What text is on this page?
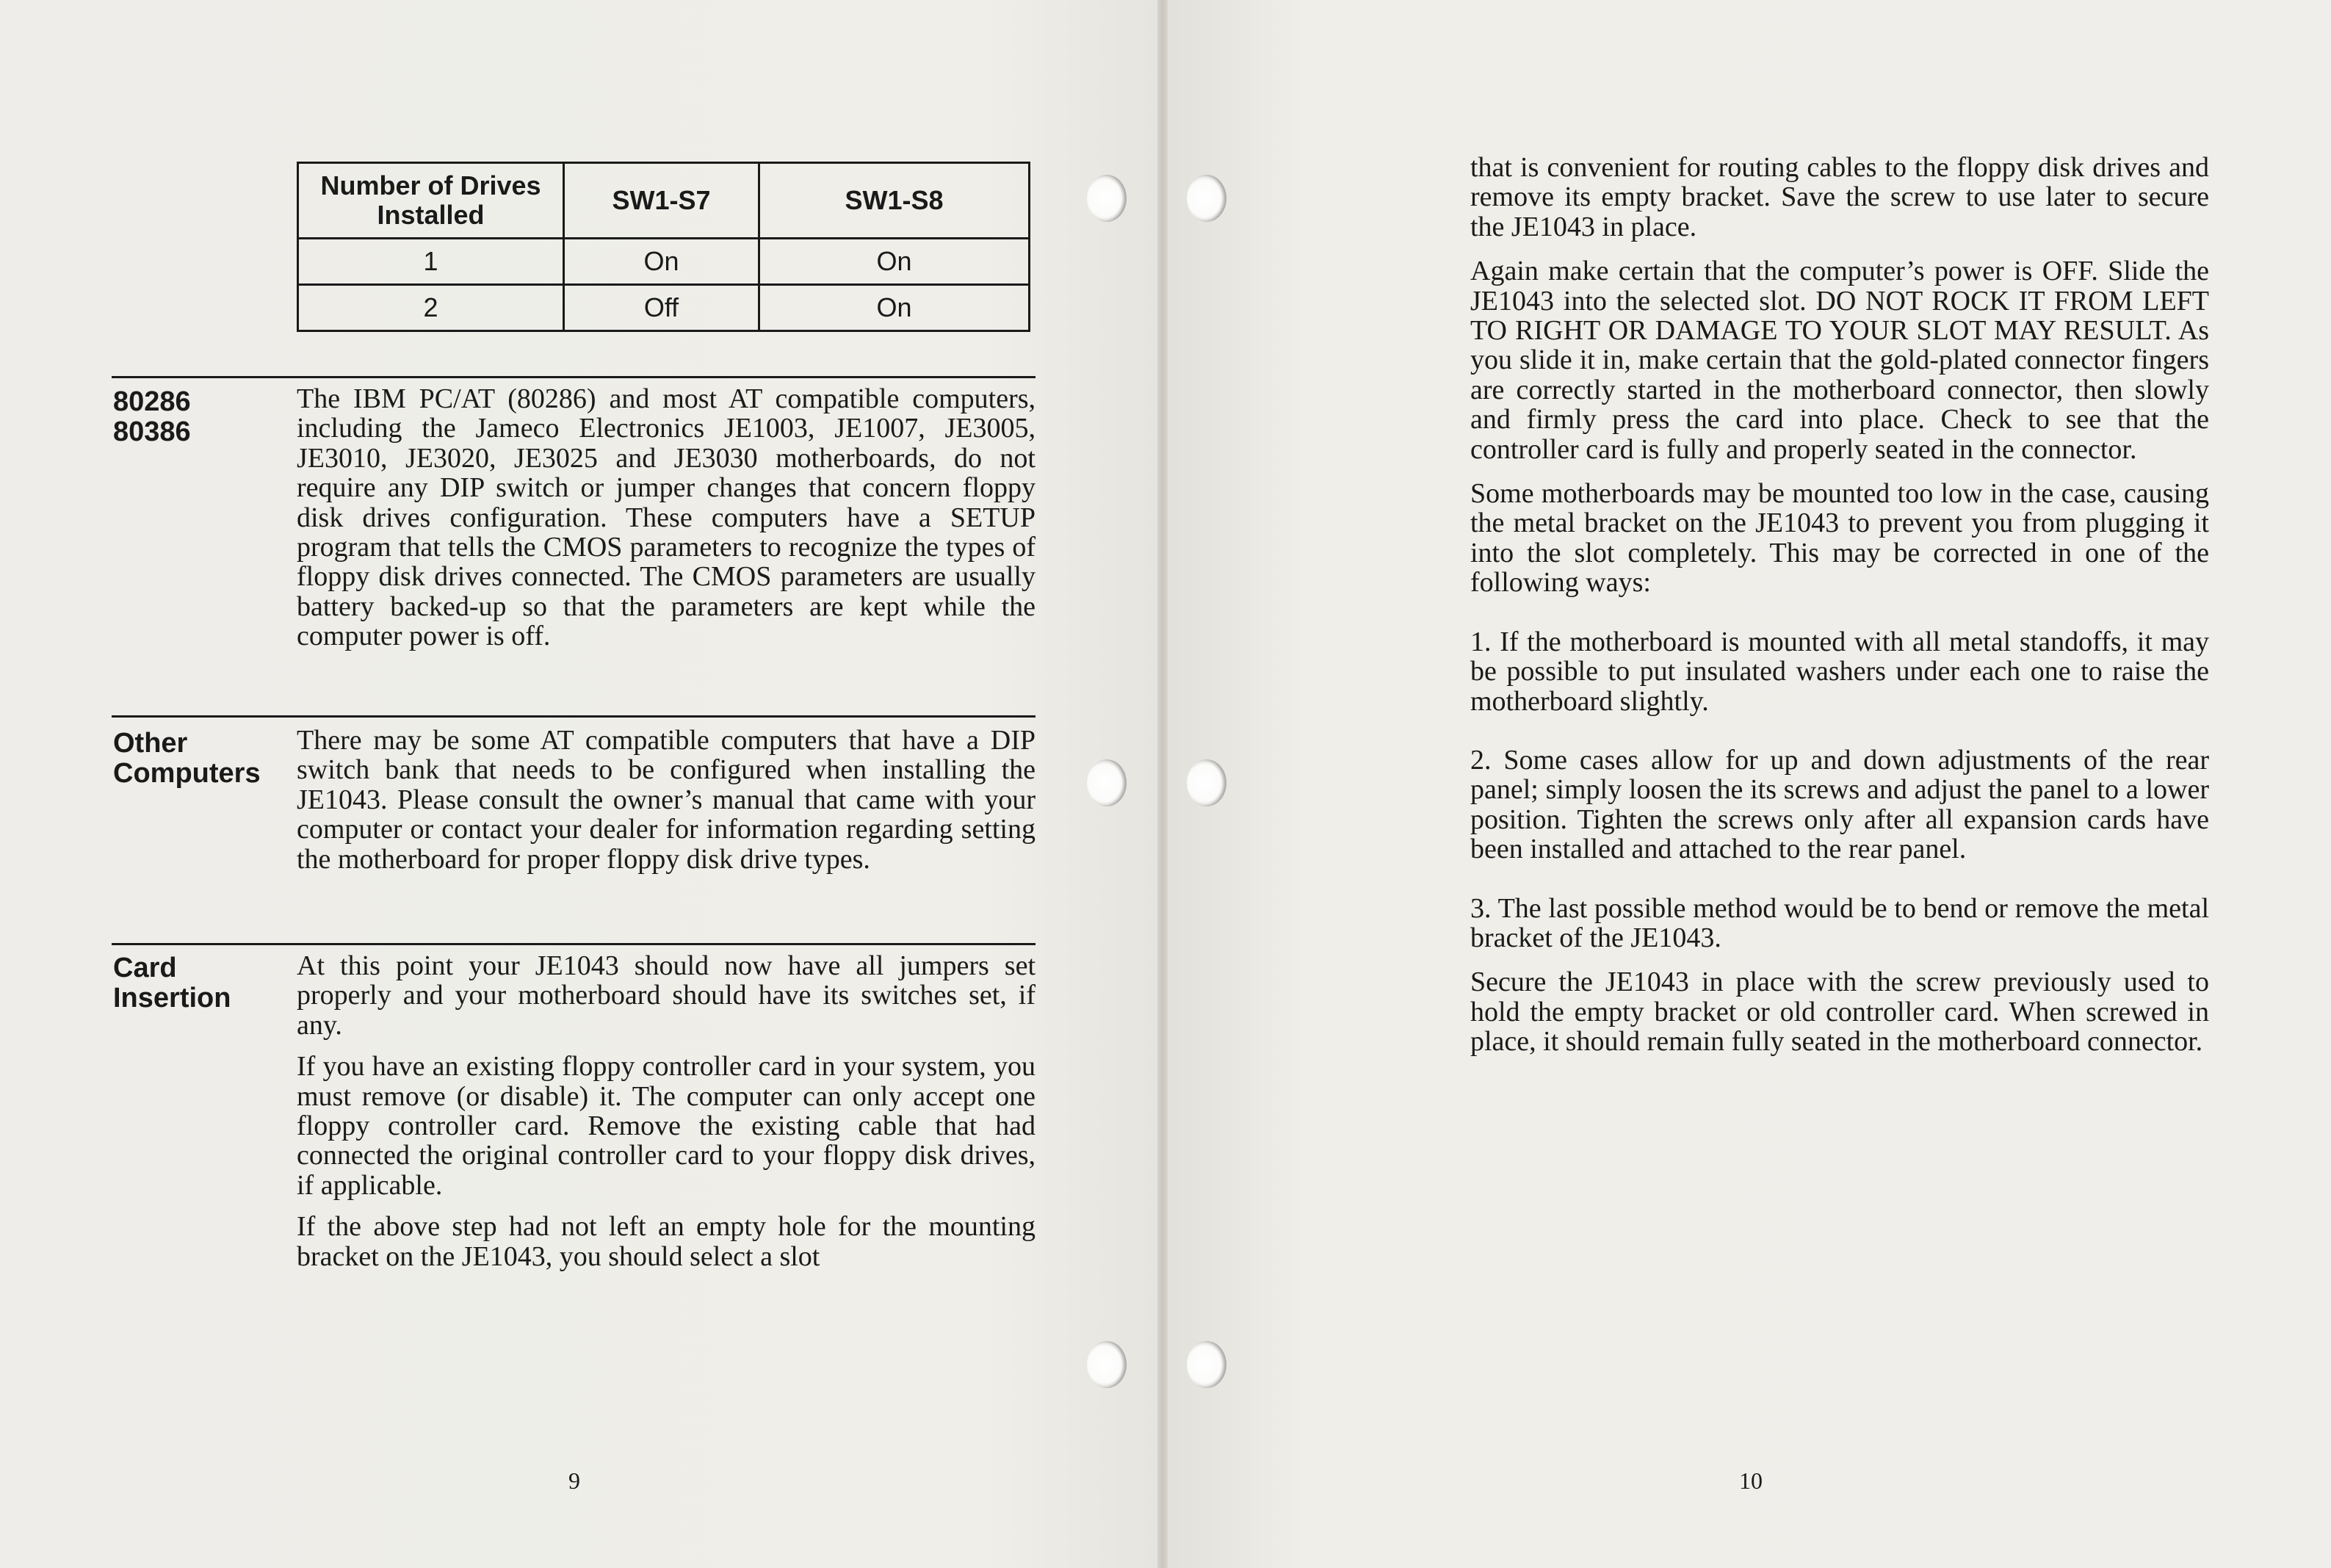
Number of Drives Installed	SW1-S7	SW1-S8
1	On	On
2	Off	On
80286
80386

The IBM PC/AT (80286) and most AT compatible computers, including the Jameco Electronics JE1003, JE1007, JE3005, JE3010, JE3020, JE3025 and JE3030 motherboards, do not require any DIP switch or jumper changes that concern floppy disk drives configuration. These computers have a SETUP program that tells the CMOS parameters to recognize the types of floppy disk drives connected. The CMOS parameters are usually battery backed-up so that the parameters are kept while the computer power is off.

Other
Computers

There may be some AT compatible computers that have a DIP switch bank that needs to be configured when installing the JE1043. Please consult the owner’s manual that came with your computer or contact your dealer for information regarding setting the motherboard for proper floppy disk drive types.

Card
Insertion

At this point your JE1043 should now have all jumpers set properly and your motherboard should have its switches set, if any.

If you have an existing floppy controller card in your system, you must remove (or disable) it. The computer can only accept one floppy controller card. Remove the existing cable that had connected the original controller card to your floppy disk drives, if applicable.

If the above step had not left an empty hole for the mounting bracket on the JE1043, you should select a slot

that is convenient for routing cables to the floppy disk drives and remove its empty bracket. Save the screw to use later to secure the JE1043 in place.

Again make certain that the computer’s power is OFF. Slide the JE1043 into the selected slot. DO NOT ROCK IT FROM LEFT TO RIGHT OR DAMAGE TO YOUR SLOT MAY RESULT. As you slide it in, make certain that the gold-plated connector fingers are correctly started in the motherboard connector, then slowly and firmly press the card into place. Check to see that the controller card is fully and properly seated in the connector.

Some motherboards may be mounted too low in the case, causing the metal bracket on the JE1043 to prevent you from plugging it into the slot completely. This may be corrected in one of the following ways:

1. If the motherboard is mounted with all metal standoffs, it may be possible to put insulated washers under each one to raise the motherboard slightly.

2. Some cases allow for up and down adjustments of the rear panel; simply loosen the its screws and adjust the panel to a lower position. Tighten the screws only after all expansion cards have been installed and attached to the rear panel.

3. The last possible method would be to bend or remove the metal bracket of the JE1043.

Secure the JE1043 in place with the screw previously used to hold the empty bracket or old controller card. When screwed in place, it should remain fully seated in the motherboard connector.

9	10
